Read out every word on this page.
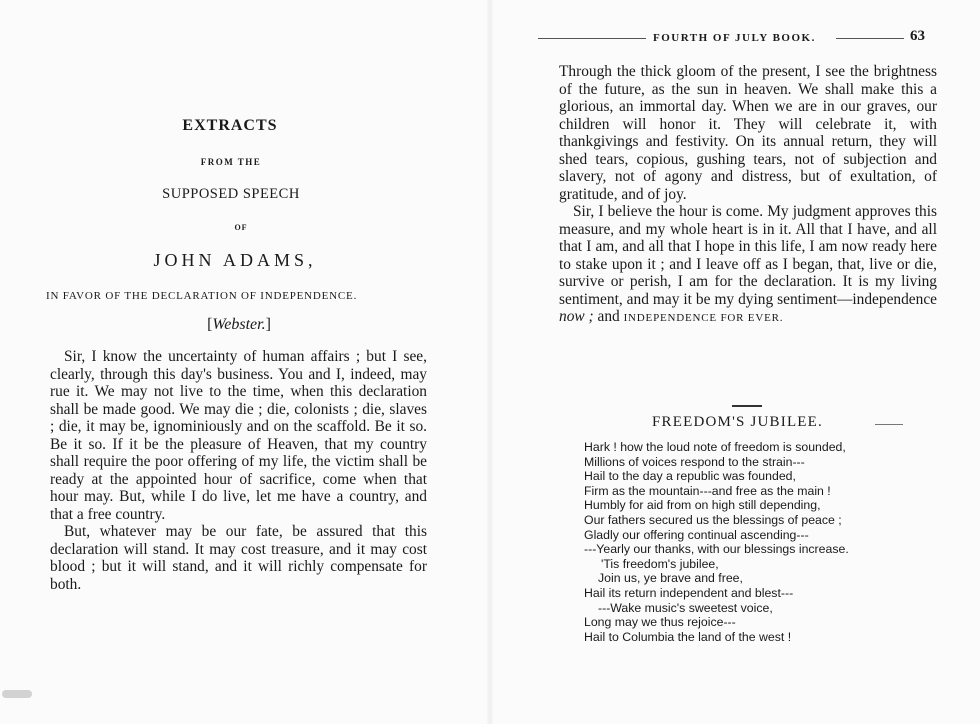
EXTRACTS
FROM THE
SUPPOSED SPEECH
OF
JOHN ADAMS,
IN FAVOR OF THE DECLARATION OF INDEPENDENCE.
[Webster.]

Sir, I know the uncertainty of human affairs ; but I see, clearly, through this day's business. You and I, indeed, may rue it. We may not live to the time, when this declaration shall be made good. We may die ; die, colonists ; die, slaves ; die, it may be, ignominiously and on the scaffold. Be it so. Be it so. If it be the pleasure of Heaven, that my country shall require the poor offering of my life, the victim shall be ready at the appointed hour of sacrifice, come when that hour may. But, while I do live, let me have a country, and that a free country.

But, whatever may be our fate, be assured that this declaration will stand. It may cost treasure, and it may cost blood ; but it will stand, and it will richly compensate for both.

FOURTH OF JULY BOOK.	63

Through the thick gloom of the present, I see the brightness of the future, as the sun in heaven. We shall make this a glorious, an immortal day. When we are in our graves, our children will honor it. They will celebrate it, with thankgivings and festivity. On its annual return, they will shed tears, copious, gushing tears, not of subjection and slavery, not of agony and distress, but of exultation, of gratitude, and of joy.

Sir, I believe the hour is come. My judgment approves this measure, and my whole heart is in it. All that I have, and all that I am, and all that I hope in this life, I am now ready here to stake upon it ; and I leave off as I began, that, live or die, survive or perish, I am for the declaration. It is my living sentiment, and may it be my dying sentiment—independence now ; and INDEPENDENCE FOR EVER.

FREEDOM'S JUBILEE.
Hark ! how the loud note of freedom is sounded,
Millions of voices respond to the strain---
Hail to the day a republic was founded,
Firm as the mountain---and free as the main !
Humbly for aid from on high still depending,
Our fathers secured us the blessings of peace ;
Gladly our offering continual ascending---
---Yearly our thanks, with our blessings increase.
'Tis freedom's jubilee,
Join us, ye brave and free,
Hail its return independent and blest---
---Wake music's sweetest voice,
Long may we thus rejoice---
Hail to Columbia the land of the west !
